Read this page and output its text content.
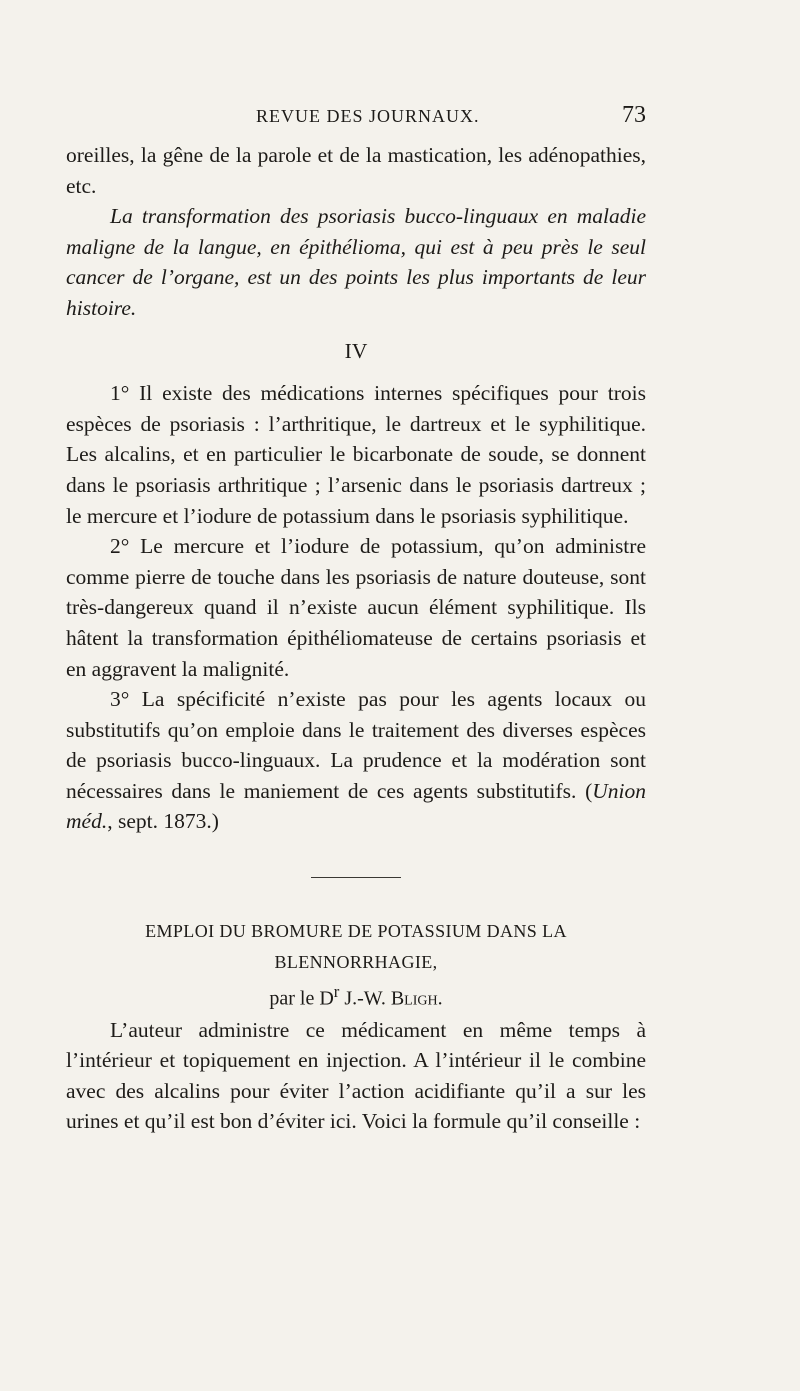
REVUE DES JOURNAUX.	73

oreilles, la gêne de la parole et de la mastication, les adénopathies, etc.

La transformation des psoriasis bucco-linguaux en maladie maligne de la langue, en épithélioma, qui est à peu près le seul cancer de l’organe, est un des points les plus importants de leur histoire.

IV

1° Il existe des médications internes spécifiques pour trois espèces de psoriasis : l’arthritique, le dartreux et le syphilitique. Les alcalins, et en particulier le bicarbonate de soude, se donnent dans le psoriasis arthritique ; l’arsenic dans le psoriasis dartreux ; le mercure et l’iodure de potassium dans le psoriasis syphilitique.

2° Le mercure et l’iodure de potassium, qu’on administre comme pierre de touche dans les psoriasis de nature douteuse, sont très-dangereux quand il n’existe aucun élément syphilitique. Ils hâtent la transformation épithéliomateuse de certains psoriasis et en aggravent la malignité.

3° La spécificité n’existe pas pour les agents locaux ou substitutifs qu’on emploie dans le traitement des diverses espèces de psoriasis bucco-linguaux. La prudence et la modération sont nécessaires dans le maniement de ces agents substitutifs. (Union méd., sept. 1873.)

EMPLOI DU BROMURE DE POTASSIUM DANS LA BLENNORRHAGIE,

par le $D^r$ J.-W. Bligh.

L’auteur administre ce médicament en même temps à l’intérieur et topiquement en injection. A l’intérieur il le combine avec des alcalins pour éviter l’action acidifiante qu’il a sur les urines et qu’il est bon d’éviter ici. Voici la formule qu’il conseille :
